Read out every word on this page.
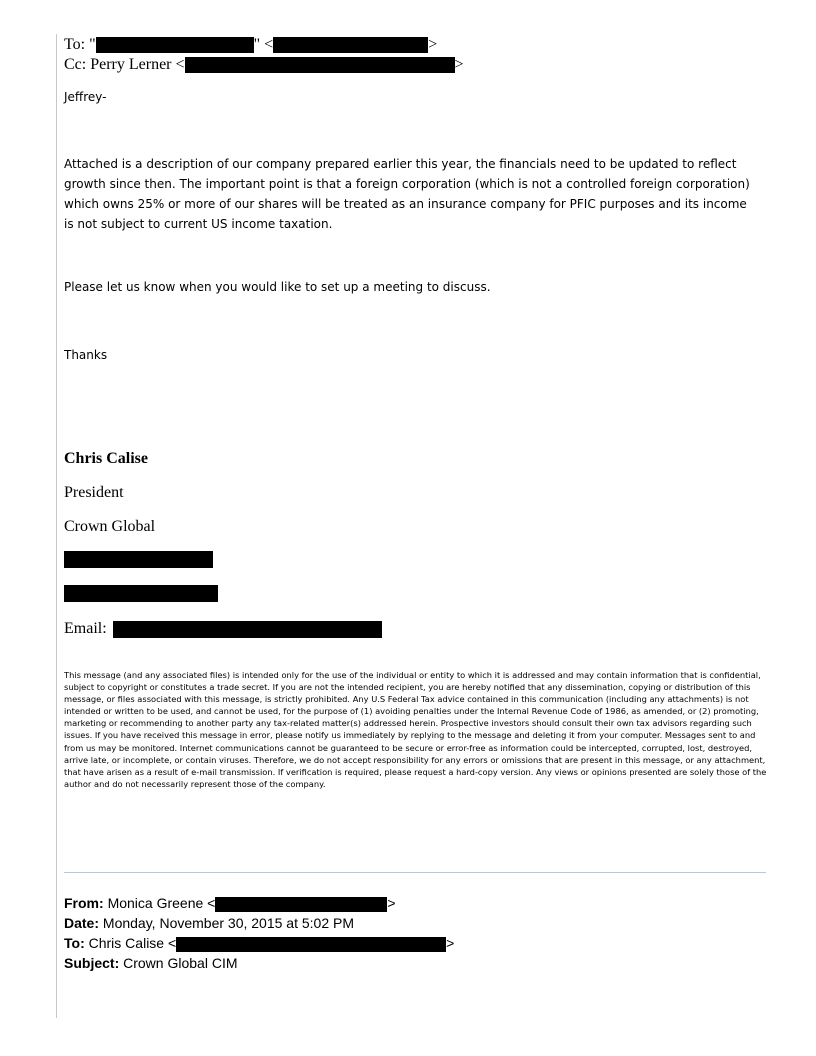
To: "	" <	>
Cc: Perry Lerner <	>
Jeffrey-
Attached is a description of our company prepared earlier this year, the financials need to be updated to reflect growth since then. The important point is that a foreign corporation (which is not a controlled foreign corporation) which owns 25% or more of our shares will be treated as an insurance company for PFIC purposes and its income is not subject to current US income taxation.
Please let us know when you would like to set up a meeting to discuss.
Thanks
Chris Calise
President
Crown Global
Email:
This message (and any associated files) is intended only for the use of the individual or entity to which it is addressed and may contain information that is confidential, subject to copyright or constitutes a trade secret. If you are not the intended recipient, you are hereby notified that any dissemination, copying or distribution of this message, or files associated with this message, is strictly prohibited. Any U.S Federal Tax advice contained in this communication (including any attachments) is not intended or written to be used, and cannot be used, for the purpose of (1) avoiding penalties under the Internal Revenue Code of 1986, as amended, or (2) promoting, marketing or recommending to another party any tax-related matter(s) addressed herein. Prospective investors should consult their own tax advisors regarding such issues. If you have received this message in error, please notify us immediately by replying to the message and deleting it from your computer. Messages sent to and from us may be monitored. Internet communications cannot be guaranteed to be secure or error-free as information could be intercepted, corrupted, lost, destroyed, arrive late, or incomplete, or contain viruses. Therefore, we do not accept responsibility for any errors or omissions that are present in this message, or any attachment, that have arisen as a result of e-mail transmission. If verification is required, please request a hard-copy version. Any views or opinions presented are solely those of the author and do not necessarily represent those of the company.
From: Monica Greene <	>
Date: Monday, November 30, 2015 at 5:02 PM
To: Chris Calise <	>
Subject: Crown Global CIM
